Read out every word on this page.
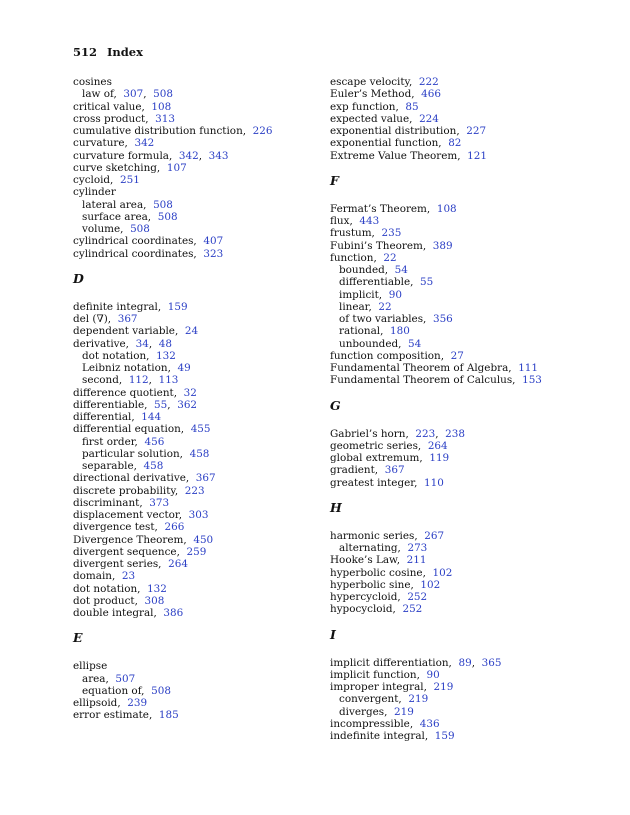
512 Index
cosines
law of, 307,  508
critical value, 108
cross product, 313
cumulative distribution function, 226
curvature, 342
curvature formula, 342,  343
curve sketching, 107
cycloid, 251
cylinder
lateral area, 508
surface area, 508
volume, 508
cylindrical coordinates, 407
cylindrical coordinates, 323
D
definite integral, 159
del (∇), 367
dependent variable, 24
derivative, 34,  48
dot notation, 132
Leibniz notation, 49
second, 112,  113
difference quotient, 32
differentiable, 55,  362
differential, 144
differential equation, 455
first order, 456
particular solution, 458
separable, 458
directional derivative, 367
discrete probability, 223
discriminant, 373
displacement vector, 303
divergence test, 266
Divergence Theorem, 450
divergent sequence, 259
divergent series, 264
domain, 23
dot notation, 132
dot product, 308
double integral, 386
E
ellipse
area, 507
equation of, 508
ellipsoid, 239
error estimate, 185
escape velocity, 222
Euler’s Method, 466
exp function, 85
expected value, 224
exponential distribution, 227
exponential function, 82
Extreme Value Theorem, 121
F
Fermat’s Theorem, 108
flux, 443
frustum, 235
Fubini’s Theorem, 389
function, 22
bounded, 54
differentiable, 55
implicit, 90
linear, 22
of two variables, 356
rational, 180
unbounded, 54
function composition, 27
Fundamental Theorem of Algebra, 111
Fundamental Theorem of Calculus, 153
G
Gabriel’s horn, 223,  238
geometric series, 264
global extremum, 119
gradient, 367
greatest integer, 110
H
harmonic series, 267
alternating, 273
Hooke’s Law, 211
hyperbolic cosine, 102
hyperbolic sine, 102
hypercycloid, 252
hypocycloid, 252
I
implicit differentiation, 89,  365
implicit function, 90
improper integral, 219
convergent, 219
diverges, 219
incompressible, 436
indefinite integral, 159
